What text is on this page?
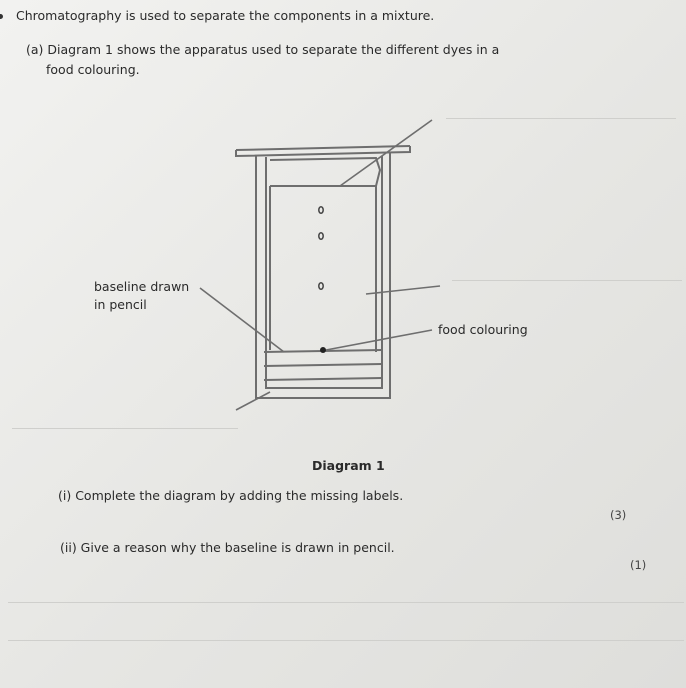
Chromatography is used to separate the components in a mixture.
(a) Diagram 1 shows the apparatus used to separate the different dyes in a
food colouring.
baseline drawn
in pencil
food colouring
Diagram 1
(i) Complete the diagram by adding the missing labels.
(3)
(ii) Give a reason why the baseline is drawn in pencil.
(1)
